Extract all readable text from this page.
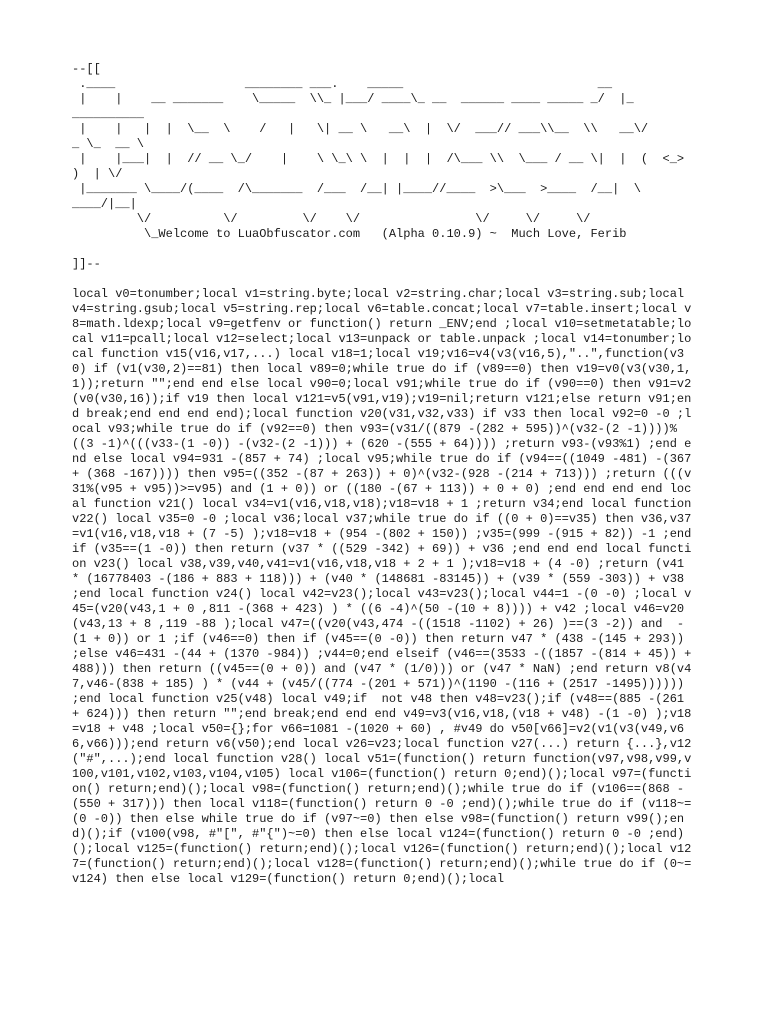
--[[
.____                  ________ ___.    _____                           __
|    |    __ _______    \_____  \\_ |___/ ____\_ __  ______ ____ _____ _/  |_
__________
|    |   |  |  \__  \    /   |   \| __ \   __\  |  \/  ___// ___\\__  \\   __\/
_ \_  __ \
|    |___|  |  // __ \_/    |    \ \_\ \  |  |  |  /\___ \\  \___ / __ \|  |  (  <_>
)  | \/
|_______ \____/(____  /\_______  /___  /__| |____//____  >\___  >____  /__|  \
____/|__|
\/          \/         \/    \/                \/     \/     \/
\_Welcome to LuaObfuscator.com   (Alpha 0.10.9) ~  Much Love, Ferib
]]--
local v0=tonumber;local v1=string.byte;local v2=string.char;local v3=string.sub;local v4=string.gsub;local v5=string.rep;local v6=table.concat;local v7=table.insert;local v8=math.ldexp;local v9=getfenv or function() return _ENV;end ;local v10=setmetatable;local v11=pcall;local v12=select;local v13=unpack or table.unpack ;local v14=tonumber;local function v15(v16,v17,...) local v18=1;local v19;v16=v4(v3(v16,5),"..",function(v30) if (v1(v30,2)==81) then local v89=0;while true do if (v89==0) then v19=v0(v3(v30,1,1));return "";end end else local v90=0;local v91;while true do if (v90==0) then v91=v2(v0(v30,16));if v19 then local v121=v5(v91,v19);v19=nil;return v121;else return v91;end break;end end end end);local function v20(v31,v32,v33) if v33 then local v92=0 -0 ;local v93;while true do if (v92==0) then v93=(v31/((879 -(282 + 595))^(v32-(2 -1))))%((3 -1)^(((v33-(1 -0)) -(v32-(2 -1))) + (620 -(555 + 64)))) ;return v93-(v93%1) ;end end else local v94=931 -(857 + 74) ;local v95;while true do if (v94==((1049 -481) -(367 + (368 -167)))) then v95=((352 -(87 + 263)) + 0)^(v32-(928 -(214 + 713))) ;return (((v31%(v95 + v95))>=v95) and (1 + 0)) or ((180 -(67 + 113)) + 0 + 0) ;end end end end local function v21() local v34=v1(v16,v18,v18);v18=v18 + 1 ;return v34;end local function v22() local v35=0 -0 ;local v36;local v37;while true do if ((0 + 0)==v35) then v36,v37=v1(v16,v18,v18 + (7 -5) );v18=v18 + (954 -(802 + 150)) ;v35=(999 -(915 + 82)) -1 ;end if (v35==(1 -0)) then return (v37 * ((529 -342) + 69)) + v36 ;end end end local function v23() local v38,v39,v40,v41=v1(v16,v18,v18 + 2 + 1 );v18=v18 + (4 -0) ;return (v41 * (16778403 -(186 + 883 + 118))) + (v40 * (148681 -83145)) + (v39 * (559 -303)) + v38 ;end local function v24() local v42=v23();local v43=v23();local v44=1 -(0 -0) ;local v45=(v20(v43,1 + 0 ,811 -(368 + 423) ) * ((6 -4)^(50 -(10 + 8)))) + v42 ;local v46=v20(v43,13 + 8 ,119 -88 );local v47=((v20(v43,474 -((1518 -1102) + 26) )==(3 -2)) and  -(1 + 0)) or 1 ;if (v46==0) then if (v45==(0 -0)) then return v47 * (438 -(145 + 293)) ;else v46=431 -(44 + (1370 -984)) ;v44=0;end elseif (v46==(3533 -((1857 -(814 + 45)) + 488))) then return ((v45==(0 + 0)) and (v47 * (1/0))) or (v47 * NaN) ;end return v8(v47,v46-(838 + 185) ) * (v44 + (v45/((774 -(201 + 571))^(1190 -(116 + (2517 -1495)))))) ;end local function v25(v48) local v49;if  not v48 then v48=v23();if (v48==(885 -(261 + 624))) then return "";end break;end end end v49=v3(v16,v18,(v18 + v48) -(1 -0) );v18=v18 + v48 ;local v50={};for v66=1081 -(1020 + 60) , #v49 do v50[v66]=v2(v1(v3(v49,v66,v66)));end return v6(v50);end local v26=v23;local function v27(...) return {...},v12("#",...);end local function v28() local v51=(function() return function(v97,v98,v99,v100,v101,v102,v103,v104,v105) local v106=(function() return 0;end)();local v97=(function() return;end)();local v98=(function() return;end)();while true do if (v106==(868 -(550 + 317))) then local v118=(function() return 0 -0 ;end)();while true do if (v118~=(0 -0)) then else while true do if (v97~=0) then else v98=(function() return v99();end)();if (v100(v98, #"[", #"{")~=0) then else local v124=(function() return 0 -0 ;end)();local v125=(function() return;end)();local v126=(function() return;end)();local v127=(function() return;end)();local v128=(function() return;end)();while true do if (0~=v124) then else local v129=(function() return 0;end)();local
